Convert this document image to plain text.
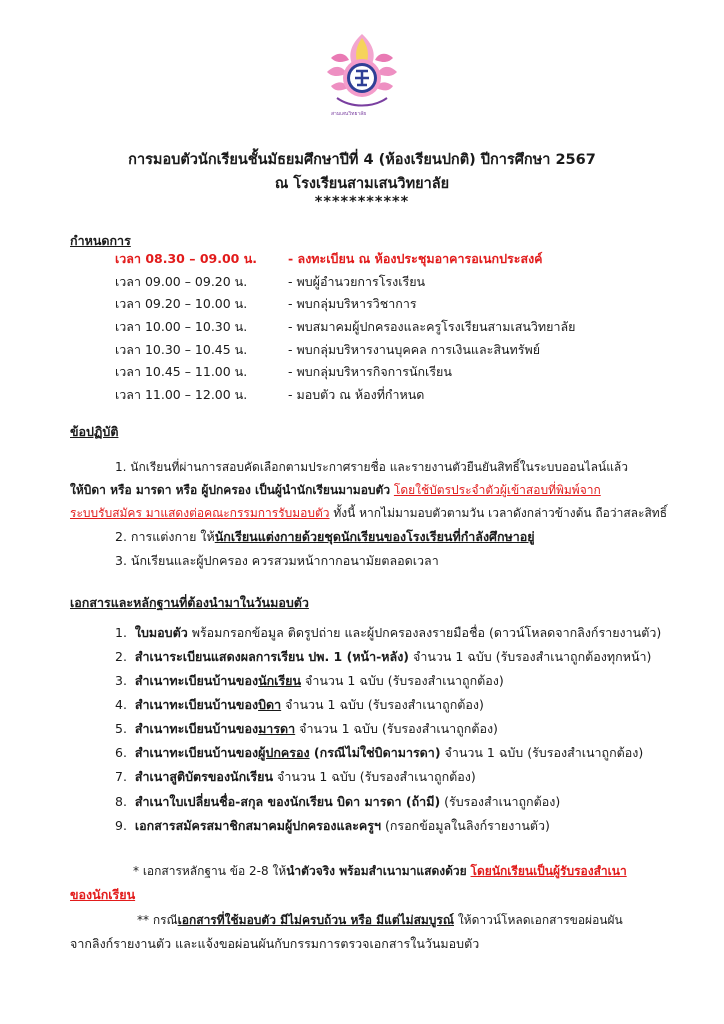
สามเสนวิทยาลัย
การมอบตัวนักเรียนชั้นมัธยมศึกษาปีที่ 4 (ห้องเรียนปกติ) ปีการศึกษา 2567
ณ โรงเรียนสามเสนวิทยาลัย
***********
กำหนดการ
เวลา 08.30 – 09.00 น. - ลงทะเบียน ณ ห้องประชุมอาคารอเนกประสงค์
เวลา 09.00 – 09.20 น.	- พบผู้อำนวยการโรงเรียน
เวลา 09.20 – 10.00 น.	- พบกลุ่มบริหารวิชาการ
เวลา 10.00 – 10.30 น.	- พบสมาคมผู้ปกครองและครูโรงเรียนสามเสนวิทยาลัย
เวลา 10.30 – 10.45 น.	- พบกลุ่มบริหารงานบุคคล การเงินและสินทรัพย์
เวลา 10.45 – 11.00 น.	- พบกลุ่มบริหารกิจการนักเรียน
เวลา 11.00 – 12.00 น.	- มอบตัว ณ ห้องที่กำหนด
ข้อปฏิบัติ
1. นักเรียนที่ผ่านการสอบคัดเลือกตามประกาศรายชื่อ และรายงานตัวยืนยันสิทธิ์ในระบบออนไลน์แล้ว
ให้บิดา หรือ มารดา หรือ ผู้ปกครอง เป็นผู้นำนักเรียนมามอบตัว โดยใช้บัตรประจำตัวผู้เข้าสอบที่พิมพ์จาก
ระบบรับสมัคร มาแสดงต่อคณะกรรมการรับมอบตัว ทั้งนี้ หากไม่มามอบตัวตามวัน เวลาดังกล่าวข้างต้น ถือว่าสละสิทธิ์
2. การแต่งกาย ให้นักเรียนแต่งกายด้วยชุดนักเรียนของโรงเรียนที่กำลังศึกษาอยู่
3. นักเรียนและผู้ปกครอง ควรสวมหน้ากากอนามัยตลอดเวลา
เอกสารและหลักฐานที่ต้องนำมาในวันมอบตัว
1. ใบมอบตัว พร้อมกรอกข้อมูล ติดรูปถ่าย และผู้ปกครองลงรายมือชื่อ (ดาวน์โหลดจากลิงก์รายงานตัว)
2. สำเนาระเบียนแสดงผลการเรียน ปพ. 1 (หน้า-หลัง) จำนวน 1 ฉบับ (รับรองสำเนาถูกต้องทุกหน้า)
3. สำเนาทะเบียนบ้านของนักเรียน จำนวน 1 ฉบับ (รับรองสำเนาถูกต้อง)
4. สำเนาทะเบียนบ้านของบิดา จำนวน 1 ฉบับ (รับรองสำเนาถูกต้อง)
5. สำเนาทะเบียนบ้านของมารดา จำนวน 1 ฉบับ (รับรองสำเนาถูกต้อง)
6. สำเนาทะเบียนบ้านของผู้ปกครอง (กรณีไม่ใช่บิดามารดา) จำนวน 1 ฉบับ (รับรองสำเนาถูกต้อง)
7. สำเนาสูติบัตรของนักเรียน จำนวน 1 ฉบับ (รับรองสำเนาถูกต้อง)
8. สำเนาใบเปลี่ยนชื่อ-สกุล ของนักเรียน บิดา มารดา (ถ้ามี) (รับรองสำเนาถูกต้อง)
9. เอกสารสมัครสมาชิกสมาคมผู้ปกครองและครูฯ (กรอกข้อมูลในลิงก์รายงานตัว)
* เอกสารหลักฐาน ข้อ 2-8 ให้นำตัวจริง พร้อมสำเนามาแสดงด้วย โดยนักเรียนเป็นผู้รับรองสำเนา
ของนักเรียน
** กรณีเอกสารที่ใช้มอบตัว มีไม่ครบถ้วน หรือ มีแต่ไม่สมบูรณ์ ให้ดาวน์โหลดเอกสารขอผ่อนผัน
จากลิงก์รายงานตัว และแจ้งขอผ่อนผันกับกรรมการตรวจเอกสารในวันมอบตัว
